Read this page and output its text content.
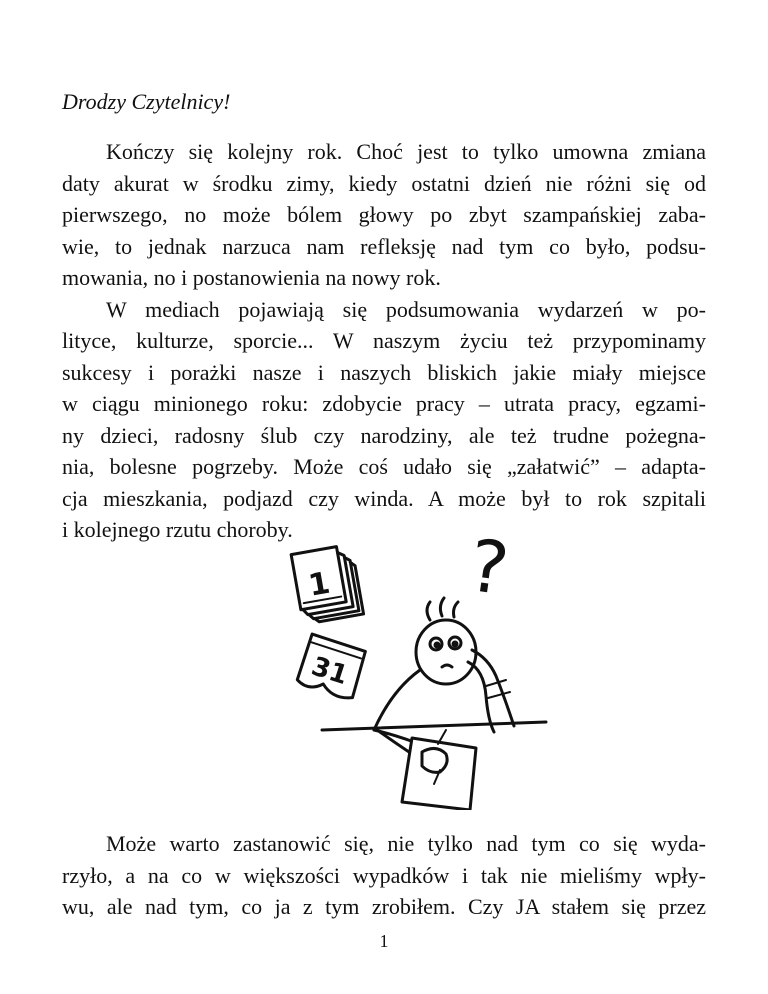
Drodzy Czytelnicy!

Kończy się kolejny rok. Choć jest to tylko umowna zmiana
daty akurat w środku zimy, kiedy ostatni dzień nie różni się od
pierwszego, no może bólem głowy po zbyt szampańskiej zaba-
wie, to jednak narzuca nam refleksję nad tym co było, podsu-
mowania, no i postanowienia na nowy rok.
W mediach pojawiają się podsumowania wydarzeń w po-
lityce, kulturze, sporcie... W naszym życiu też przypominamy
sukcesy i porażki nasze i naszych bliskich jakie miały miejsce
w ciągu minionego roku: zdobycie pracy – utrata pracy, egzami-
ny dzieci, radosny ślub czy narodziny, ale też trudne pożegna-
nia, bolesne pogrzeby. Może coś udało się „załatwić” – adapta-
cja mieszkania, podjazd czy winda. A może był to rok szpitali
i kolejnego rzutu choroby.	?
1
31
Może warto zastanowić się, nie tylko nad tym co się wyda-
rzyło, a na co w większości wypadków i tak nie mieliśmy wpły-
wu, ale nad tym, co ja z tym zrobiłem. Czy JA stałem się przez
1
